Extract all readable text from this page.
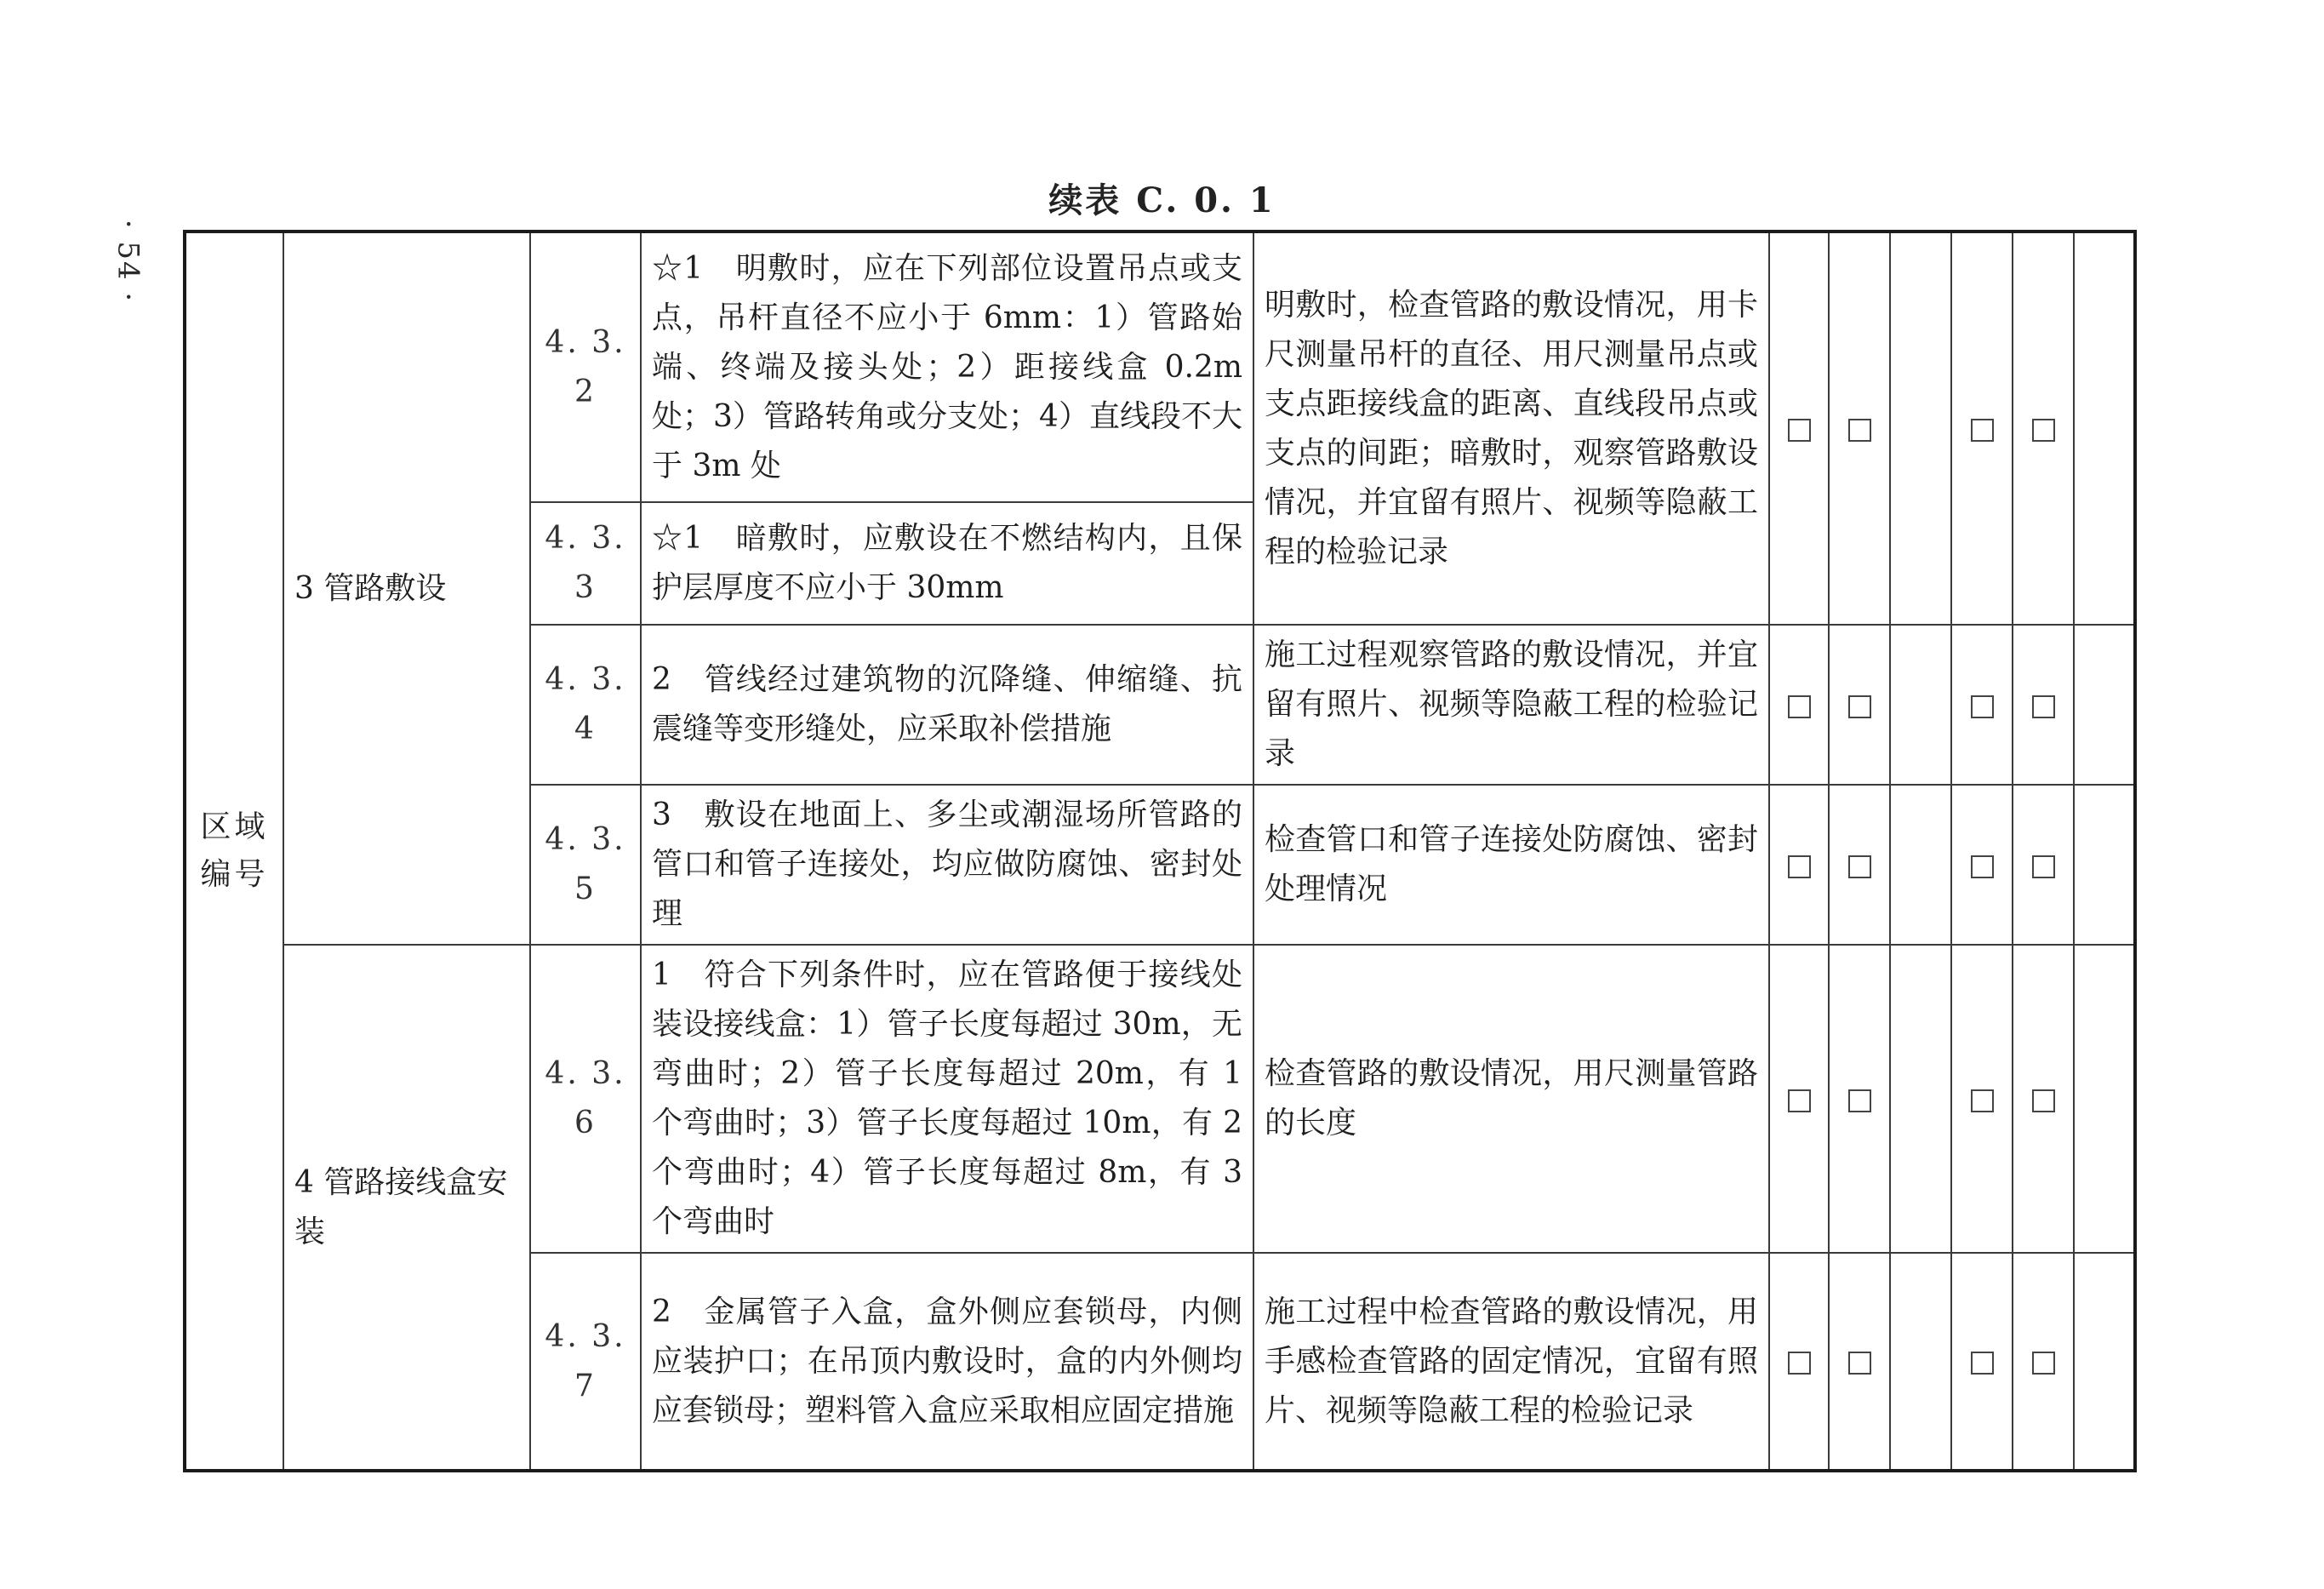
· 54 ·
续表 C. 0. 1
区域编号	3 管路敷设	4. 3. 2	☆1　明敷时，应在下列部位设置吊点或支点，吊杆直径不应小于 6mm：1）管路始端、终端及接头处；2）距接线盒 0.2m 处；3）管路转角或分支处；4）直线段不大于 3m 处	明敷时，检查管路的敷设情况，用卡尺测量吊杆的直径、用尺测量吊点或支点距接线盒的距离、直线段吊点或支点的间距；暗敷时，观察管路敷设情况，并宜留有照片、视频等隐蔽工程的检验记录						
		4. 3. 3	☆1　暗敷时，应敷设在不燃结构内，且保护层厚度不应小于 30mm							
		4. 3. 4	2　管线经过建筑物的沉降缝、伸缩缝、抗震缝等变形缝处，应采取补偿措施	施工过程观察管路的敷设情况，并宜留有照片、视频等隐蔽工程的检验记录						
		4. 3. 5	3　敷设在地面上、多尘或潮湿场所管路的管口和管子连接处，均应做防腐蚀、密封处理	检查管口和管子连接处防腐蚀、密封处理情况						
	4 管路接线盒安装	4. 3. 6	1　符合下列条件时，应在管路便于接线处装设接线盒：1）管子长度每超过 30m，无弯曲时；2）管子长度每超过 20m，有 1 个弯曲时；3）管子长度每超过 10m，有 2 个弯曲时；4）管子长度每超过 8m，有 3 个弯曲时	检查管路的敷设情况，用尺测量管路的长度						
		4. 3. 7	2　金属管子入盒，盒外侧应套锁母，内侧应装护口；在吊顶内敷设时，盒的内外侧均应套锁母；塑料管入盒应采取相应固定措施	施工过程中检查管路的敷设情况，用手感检查管路的固定情况，宜留有照片、视频等隐蔽工程的检验记录						
